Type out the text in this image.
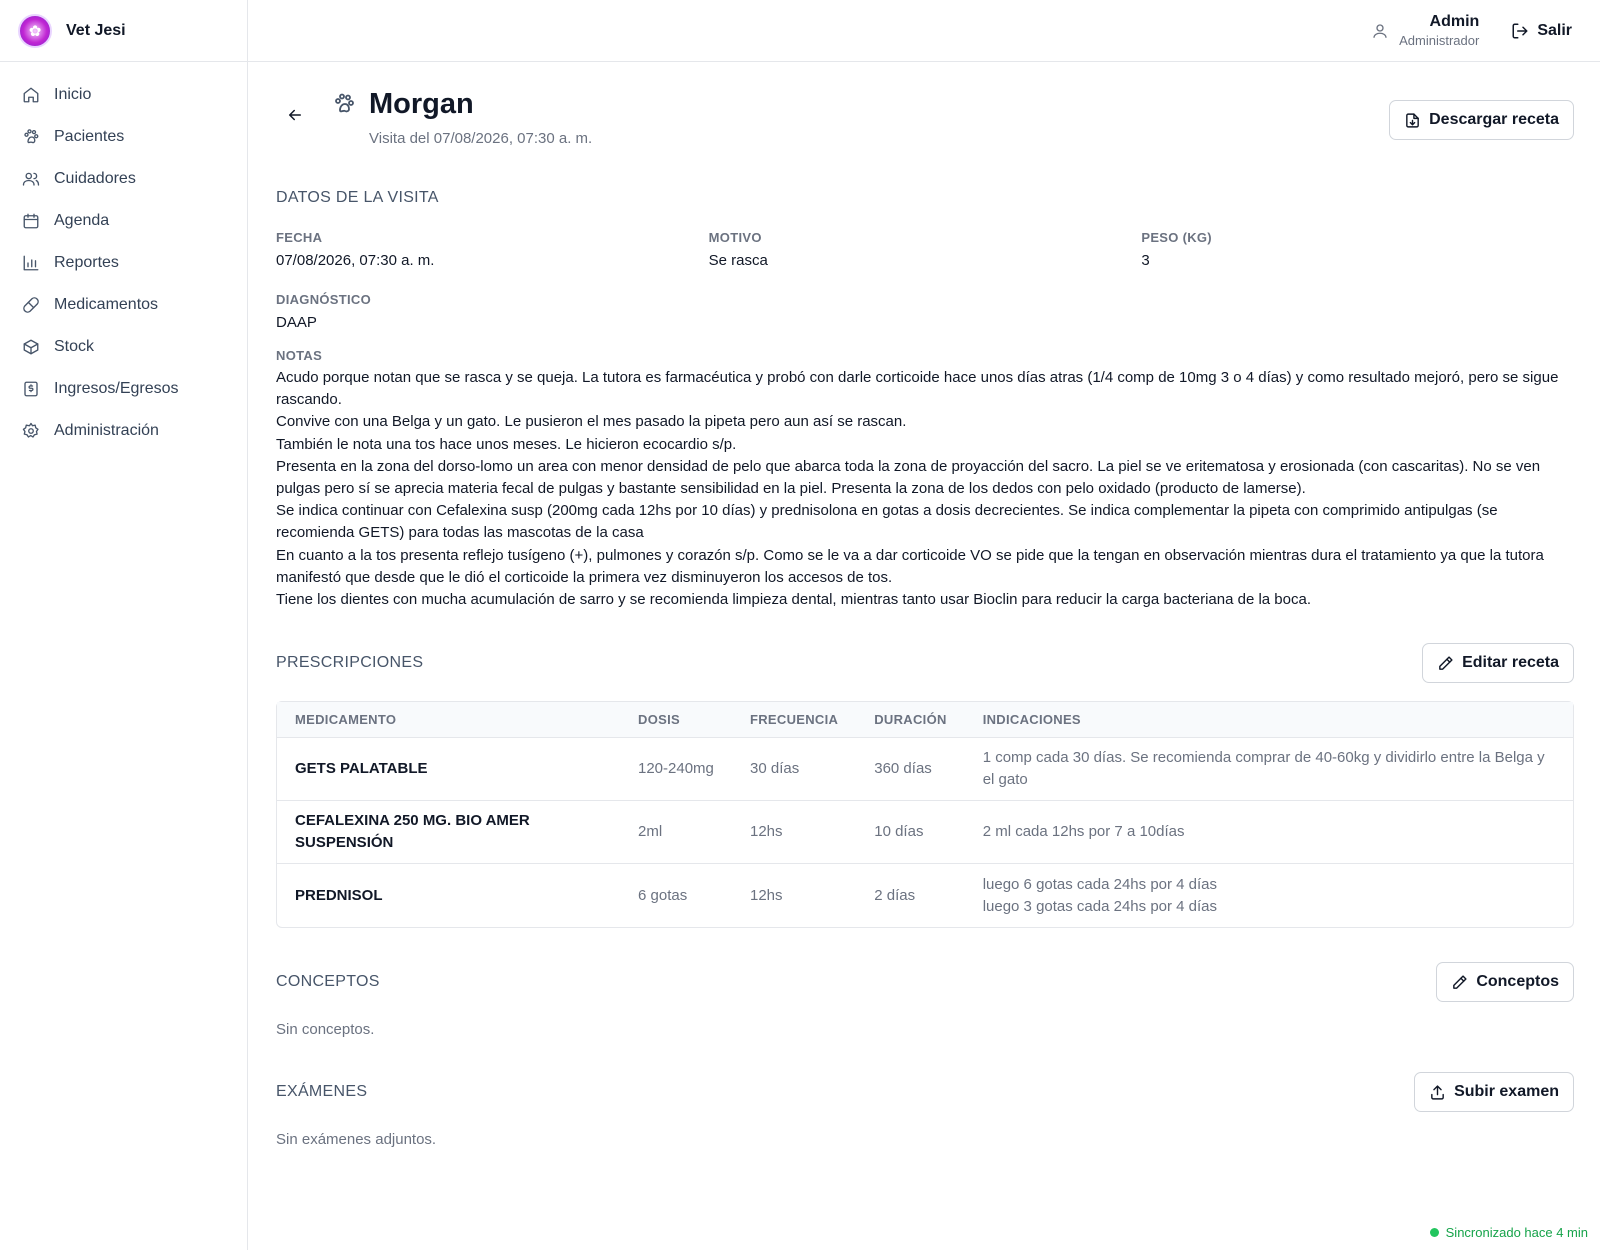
✿	Vet Jesi
Inicio
Pacientes
Cuidadores
Agenda
Reportes
Medicamentos
Stock
Ingresos/Egresos
Administración
Admin
Administrador
Salir
Morgan
Visita del 07/08/2026, 07:30 a. m.
Descargar receta
DATOS DE LA VISITA
FECHA
07/08/2026, 07:30 a. m.
MOTIVO
Se rasca
PESO (KG)
3
DIAGNÓSTICO
DAAP
NOTAS
Acudo porque notan que se rasca y se queja. La tutora es farmacéutica y probó con darle corticoide hace unos días atras (1/4 comp de 10mg 3 o 4 días) y como resultado mejoró, pero se sigue rascando.
Convive con una Belga y un gato. Le pusieron el mes pasado la pipeta pero aun así se rascan.
También le nota una tos hace unos meses. Le hicieron ecocardio s/p.
Presenta en la zona del dorso-lomo un area con menor densidad de pelo que abarca toda la zona de proyacción del sacro. La piel se ve eritematosa y erosionada (con cascaritas). No se ven pulgas pero sí se aprecia materia fecal de pulgas y bastante sensibilidad en la piel. Presenta la zona de los dedos con pelo oxidado (producto de lamerse).
Se indica continuar con Cefalexina susp (200mg cada 12hs por 10 días) y prednisolona en gotas a dosis decrecientes. Se indica complementar la pipeta con comprimido antipulgas (se recomienda GETS) para todas las mascotas de la casa
En cuanto a la tos presenta reflejo tusígeno (+), pulmones y corazón s/p. Como se le va a dar corticoide VO se pide que la tengan en observación mientras dura el tratamiento ya que la tutora manifestó que desde que le dió el corticoide la primera vez disminuyeron los accesos de tos.
Tiene los dientes con mucha acumulación de sarro y se recomienda limpieza dental, mientras tanto usar Bioclin para reducir la carga bacteriana de la boca.
PRESCRIPCIONES	Editar receta
MEDICAMENTO	DOSIS	FRECUENCIA	DURACIÓN	INDICACIONES
GETS PALATABLE	120-240mg	30 días	360 días	1 comp cada 30 días. Se recomienda comprar de 40-60kg y dividirlo entre la Belga y el gato
CEFALEXINA 250 MG. BIO AMER SUSPENSIÓN	2ml	12hs	10 días	2 ml cada 12hs por 7 a 10días
PREDNISOL	6 gotas	12hs	2 días	luego 6 gotas cada 24hs por 4 días
luego 3 gotas cada 24hs por 4 días
CONCEPTOS	Conceptos
Sin conceptos.
EXÁMENES	Subir examen
Sin exámenes adjuntos.
Sincronizado hace 4 min
